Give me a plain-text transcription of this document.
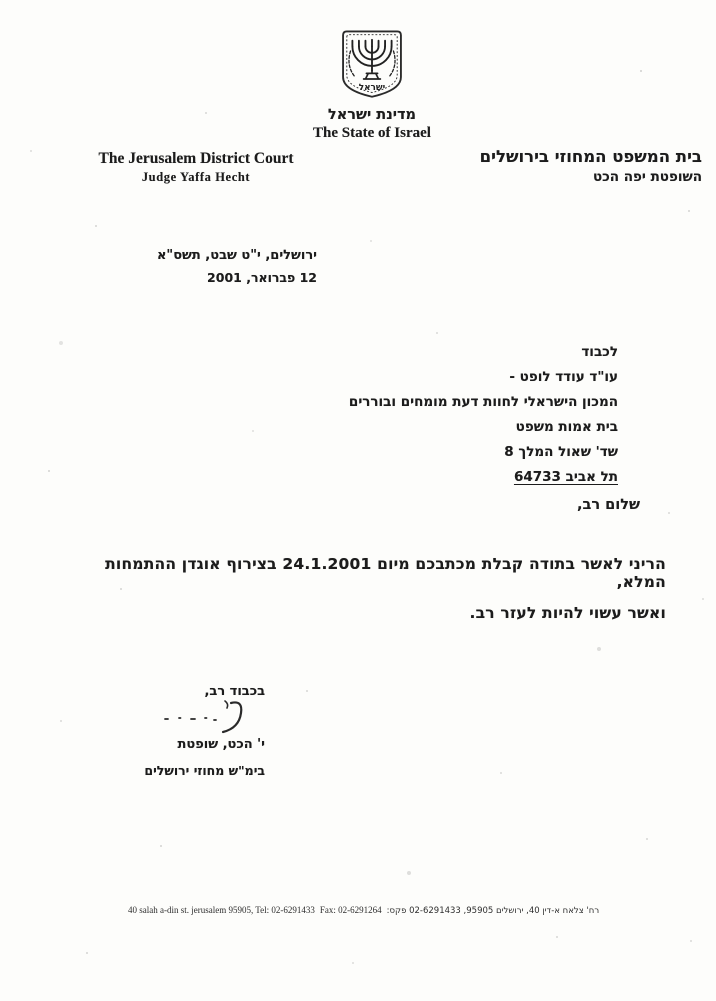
ישראל
מדינת ישראל
The State of Israel
The Jerusalem District Court
Judge Yaffa Hecht
בית המשפט המחוזי בירושלים
השופטת יפה הכט
ירושלים, י"ט שבט, תשס"א
12 פברואר, 2001
לכבוד
עו"ד עודד לופט -
המכון הישראלי לחוות דעת מומחים ובוררים
בית אמות משפט
שד' שאול המלך 8
תל אביב 64733
שלום רב,
הריני לאשר בתודה קבלת מכתבכם מיום 24.1.2001 בצירוף אוגדן ההתמחות המלא,
ואשר עשוי להיות לעזר רב.
בכבוד רב,
י' הכט, שופטת
בימ"ש מחוזי ירושלים
40 salah a-din st. jerusalem 95905, Tel: 02-6291433 Fax: 02-6291264 רח' צלאח א-דין 40, ירושלים 95905, 02-6291433 פקס:
